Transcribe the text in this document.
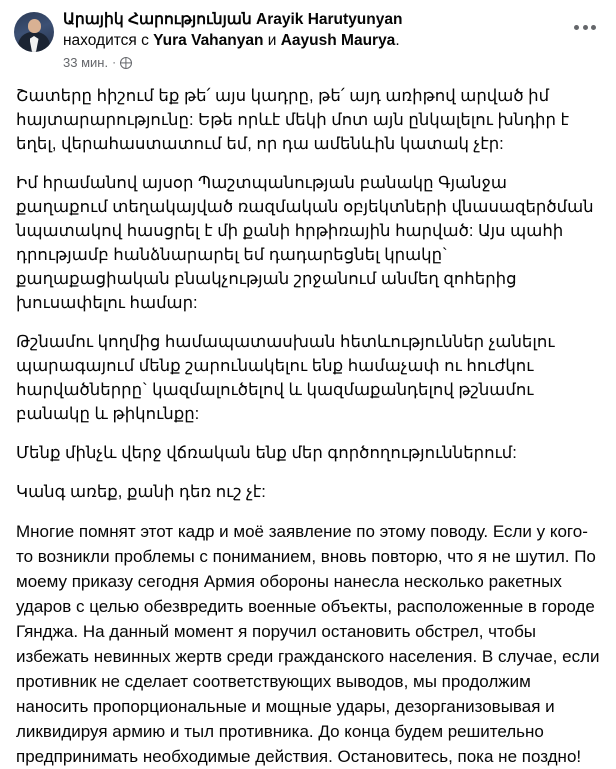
Արայիկ Հարությունյան Arayik Harutyunyan
находится с Yura Vahanyan и Aayush Maurya.
33 мин. ·

Շատերը հիշում եք թե՛ այս կադրը, թե՛ այդ առիթով արված իմ հայտարարությունը: Եթե որևէ մեկի մոտ այն ընկալելու խնդիր է եղել, վերահաստատում եմ, որ դա ամենևին կատակ չէր:

Իմ հրամանով այսօր Պաշտպանության բանակը Գյանջա քաղաքում տեղակայված ռազմական օբյեկտների վնասազերծման նպատակով հասցրել է մի քանի հրթիռային հարված: Այս պահի դրությամբ հանձնարարել եմ դադարեցնել կրակը` քաղաքացիական բնակչության շրջանում անմեղ զոհերից խուսափելու համար:

Թշնամու կողմից համապատասխան հետևություններ չանելու պարագայում մենք շարունակելու ենք համաչափ ու հուժկու հարվածներրը` կազմալուծելով և կազմաքանդելով թշնամու բանակը և թիկունքը:

Մենք մինչև վերջ վճռական ենք մեր գործողություններում:

Կանգ առեք, քանի դեռ ուշ չէ:

Многие помнят этот кадр и моё заявление по этому поводу. Если у кого-то возникли проблемы с пониманием, вновь повторю, что я не шутил. По моему приказу сегодня Армия обороны нанесла несколько ракетных ударов с целью обезвредить военные объекты, расположенные в городе Гянджа. На данный момент я поручил остановить обстрел, чтобы избежать невинных жертв среди гражданского населения. В случае, если противник не сделает соответствующих выводов, мы продолжим наносить пропорциональные и мощные удары, дезорганизовывая и ликвидируя армию и тыл противника. До конца будем решительно предпринимать необходимые действия. Остановитесь, пока не поздно!
